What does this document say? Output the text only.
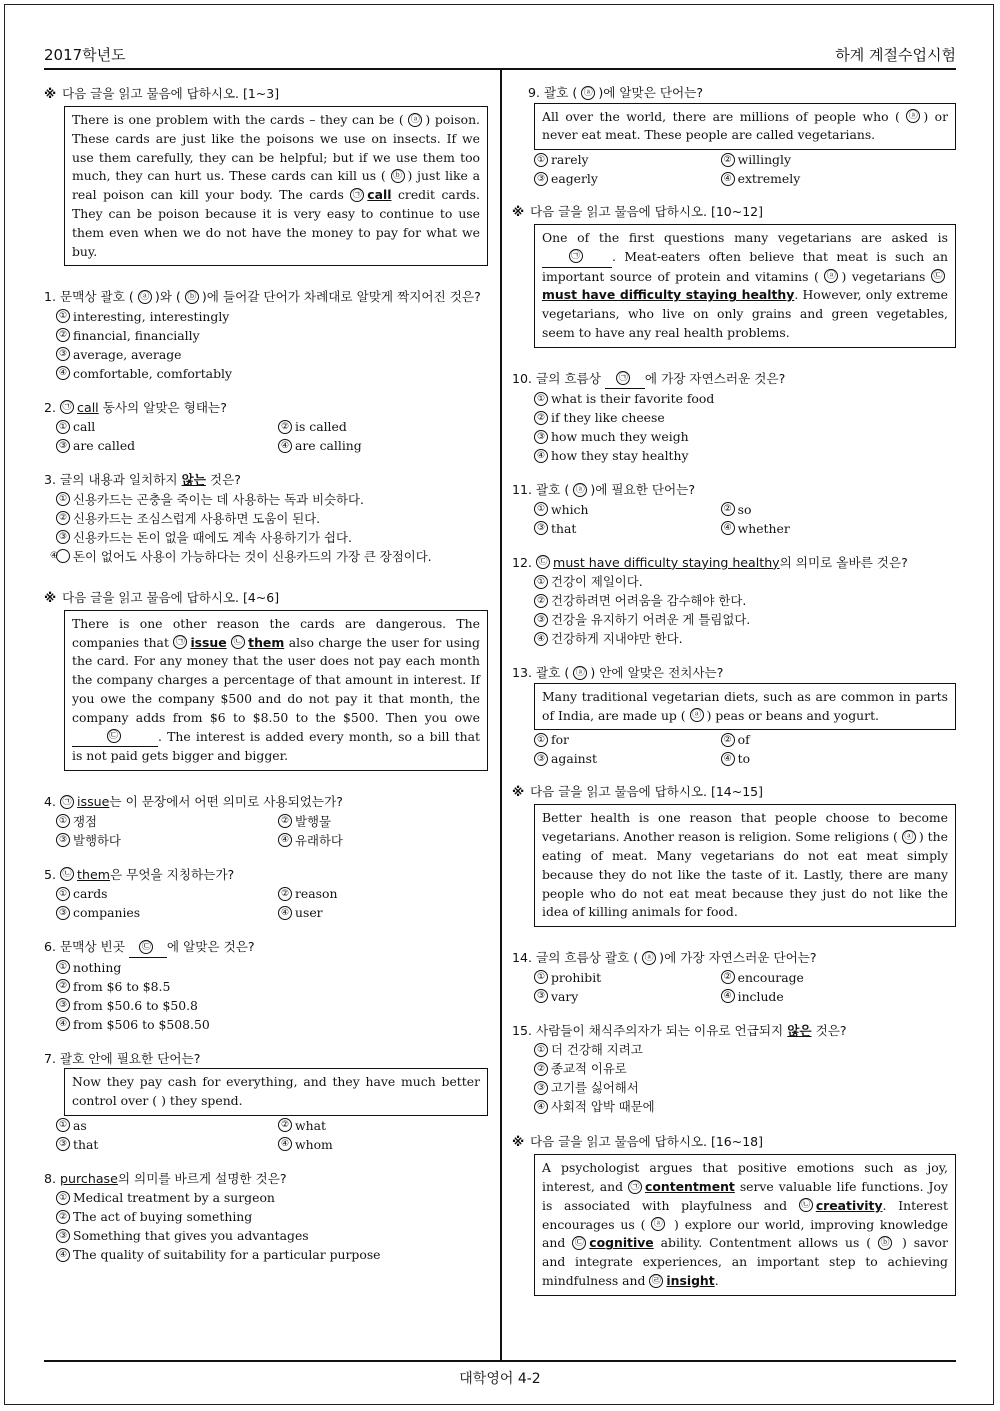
2017학년도	하계 계절수업시험
대학영어 4-2
※ 다음 글을 읽고 물음에 답하시오. [1~3]
There is one problem with the cards – they can be ( ⓐ ) poison. These cards are just like the poisons we use on insects. If we use them carefully, they can be helpful; but if we use them too much, they can hurt us. These cards can kill us ( ⓑ ) just like a real poison can kill your body. The cards ㉠ call credit cards. They can be poison because it is very easy to continue to use them even when we do not have the money to pay for what we buy.

1. 문맥상 괄호 ( ⓐ )와 ( ⓑ )에 들어갈 단어가 차례대로 알맞게 짝지어진 것은?

① interesting, interestingly
② financial, financially
③ average, average
④ comfortable, comfortably

2. ㉠ call 동사의 알맞은 형태는?

① call	② is called
③ are called	④ are calling

3. 글의 내용과 일치하지 않는 것은?

① 신용카드는 곤충을 죽이는 데 사용하는 독과 비슷하다.
② 신용카드는 조심스럽게 사용하면 도움이 된다.
③ 신용카드는 돈이 없을 때에도 계속 사용하기가 쉽다.
④ 돈이 없어도 사용이 가능하다는 것이 신용카드의 가장 큰 장점이다.
※ 다음 글을 읽고 물음에 답하시오. [4~6]
There is one other reason the cards are dangerous. The companies that ㉠ issue ㉡ them also charge the user for using the card. For any money that the user does not pay each month the company charges a percentage of that amount in interest. If you owe the company $500 and do not pay it that month, the company adds from $6 to $8.50 to the $500. Then you owe ㉢	. The interest is added every month, so a bill that is not paid gets bigger and bigger.

4. ㉠ issue는 이 문장에서 어떤 의미로 사용되었는가?

① 쟁점	② 발행물
③ 발행하다	④ 유래하다

5. ㉡ them은 무엇을 지칭하는가?

① cards	② reason
③ companies	④ user

6. 문맥상 빈곳 ㉢ 에 알맞은 것은?

① nothing
② from $6 to $8.5
③ from $50.6 to $50.8
④ from $506 to $508.50

7. 괄호 안에 필요한 단어는?

Now they pay cash for everything, and they have much better control over ( ) they spend.
① as	② what
③ that	④ whom

8. purchase의 의미를 바르게 설명한 것은?

① Medical treatment by a surgeon
② The act of buying something
③ Something that gives you advantages
④ The quality of suitability for a particular purpose

9. 괄호 ( ⓐ )에 알맞은 단어는?

All over the world, there are millions of people who ( ⓐ ) or never eat meat. These people are called vegetarians.
① rarely	② willingly
③ eagerly	④ extremely
※ 다음 글을 읽고 물음에 답하시오. [10~12]
One of the first questions many vegetarians are asked is ㉠	. Meat-eaters often believe that meat is such an important source of protein and vitamins ( ⓐ ) vegetarians ㉢must have difficulty staying healthy. However, only extreme vegetarians, who live on only grains and green vegetables, seem to have any real health problems.

10. 글의 흐름상 ㉠ 에 가장 자연스러운 것은?

① what is their favorite food
② if they like cheese
③ how much they weigh
④ how they stay healthy

11. 괄호 ( ⓐ )에 필요한 단어는?

① which	② so
③ that	④ whether

12. ㉢ must have difficulty staying healthy의 의미로 올바른 것은?

① 건강이 제일이다.
② 건강하려면 어려움을 감수해야 한다.
③ 건강을 유지하기 어려운 게 틀림없다.
④ 건강하게 지내야만 한다.

13. 괄호 ( ⓐ ) 안에 알맞은 전치사는?

Many traditional vegetarian diets, such as are common in parts of India, are made up ( ⓐ ) peas or beans and yogurt.
① for	② of
③ against	④ to
※ 다음 글을 읽고 물음에 답하시오. [14~15]
Better health is one reason that people choose to become vegetarians. Another reason is religion. Some religions ( ⓐ ) the eating of meat. Many vegetarians do not eat meat simply because they do not like the taste of it. Lastly, there are many people who do not eat meat because they just do not like the idea of killing animals for food.

14. 글의 흐름상 괄호 ( ⓐ )에 가장 자연스러운 단어는?

① prohibit	② encourage
③ vary	④ include

15. 사람들이 채식주의자가 되는 이유로 언급되지 않은 것은?

① 더 건강해 지려고
② 종교적 이유로
③ 고기를 싫어해서
④ 사회적 압박 때문에
※ 다음 글을 읽고 물음에 답하시오. [16~18]
A psychologist argues that positive emotions such as joy, interest, and ㉠ contentment serve valuable life functions. Joy is associated with playfulness and ㉡ creativity. Interest encourages us ( ⓐ ) explore our world, improving knowledge and ㉢ cognitive ability. Contentment allows us ( ⓑ ) savor and integrate experiences, an important step to achieving mindfulness and ㉣ insight.
